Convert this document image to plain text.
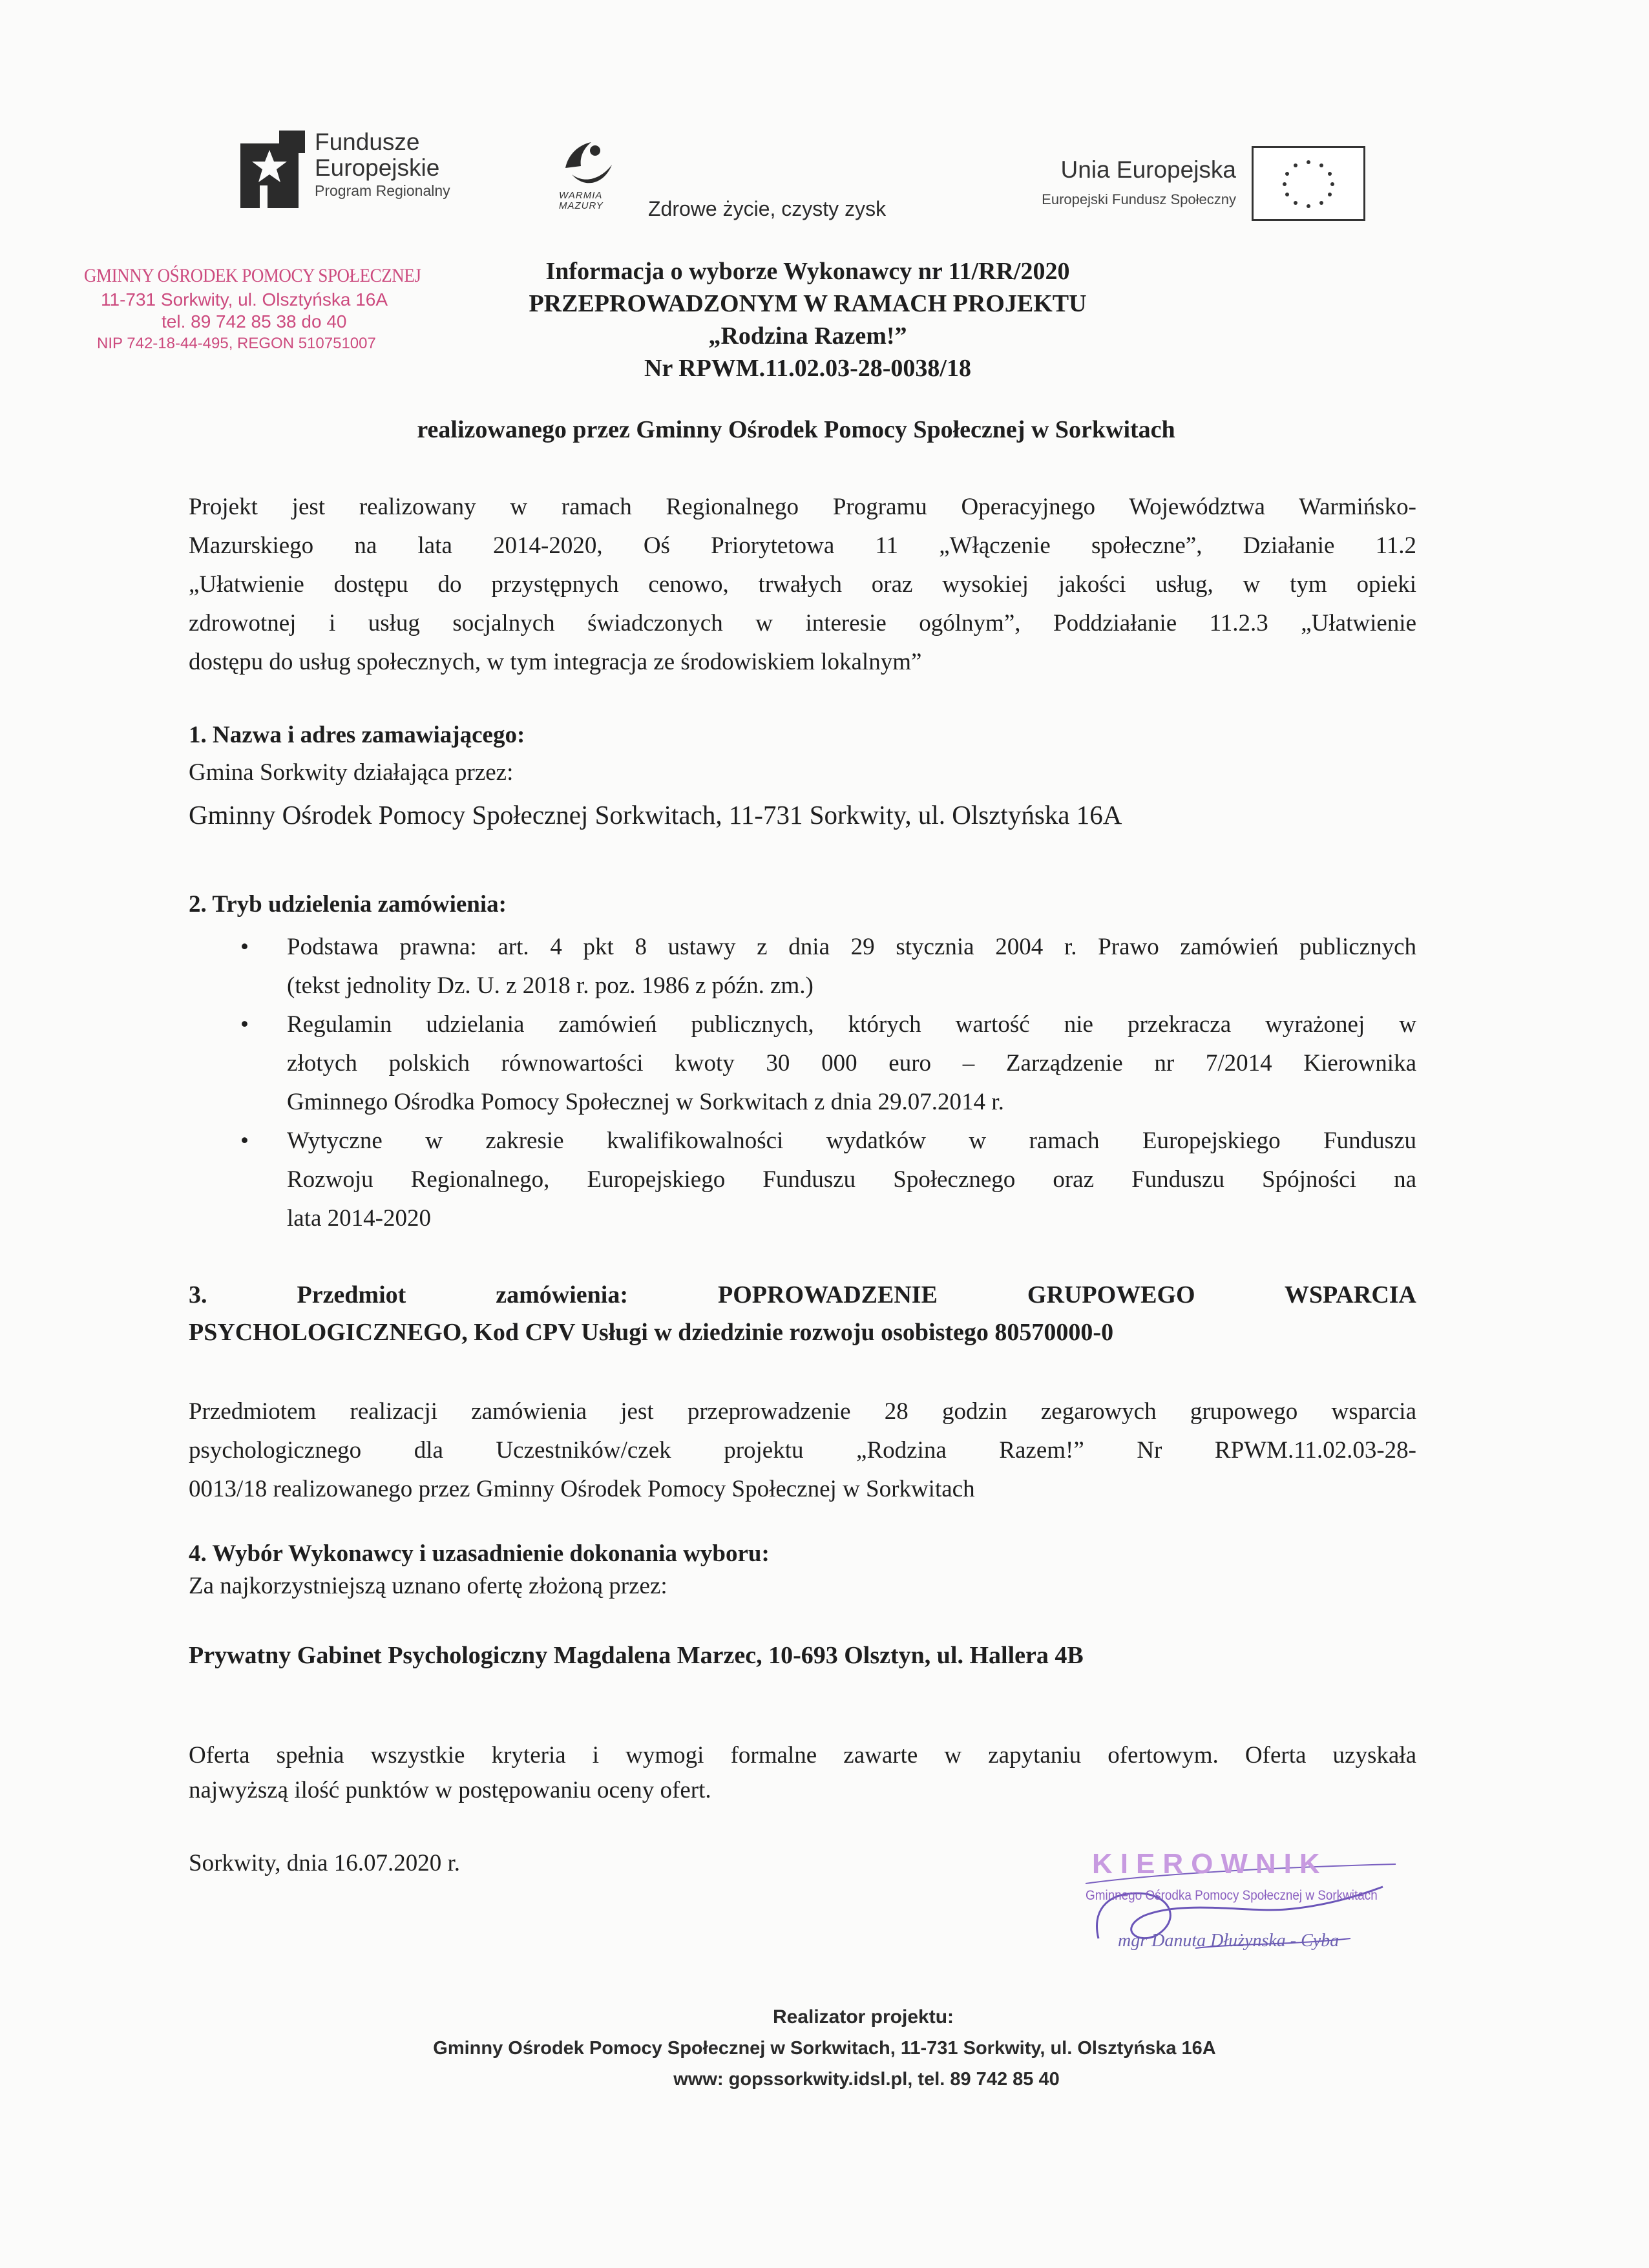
Fundusze
Europejskie
Program Regionalny	WARMIA MAZURY	Zdrowe życie, czysty zysk
Unia Europejska
Europejski Fundusz Społeczny
GMINNY OŚRODEK POMOCY SPOŁECZNEJ
11-731 Sorkwity, ul. Olsztyńska 16A
tel. 89 742 85 38 do 40
NIP 742-18-44-495, REGON 510751007
Informacja o wyborze Wykonawcy nr 11/RR/2020
PRZEPROWADZONYM W RAMACH PROJEKTU
„Rodzina Razem!”
Nr RPWM.11.02.03-28-0038/18
realizowanego przez Gminny Ośrodek Pomocy Społecznej w Sorkwitach
Projekt jest realizowany w ramach Regionalnego Programu Operacyjnego Województwa Warmińsko-
Mazurskiego na lata 2014-2020, Oś Priorytetowa 11 „Włączenie społeczne”, Działanie 11.2
„Ułatwienie dostępu do przystępnych cenowo, trwałych oraz wysokiej jakości usług, w tym opieki
zdrowotnej i usług socjalnych świadczonych w interesie ogólnym”, Poddziałanie 11.2.3 „Ułatwienie
dostępu do usług społecznych, w tym integracja ze środowiskiem lokalnym”
1. Nazwa i adres zamawiającego:
Gmina Sorkwity działająca przez:
Gminny Ośrodek Pomocy Społecznej Sorkwitach, 11-731 Sorkwity, ul. Olsztyńska 16A
2. Tryb udzielenia zamówienia:
• Podstawa prawna: art. 4 pkt 8 ustawy z dnia 29 stycznia 2004 r. Prawo zamówień publicznych
(tekst jednolity Dz. U. z 2018 r. poz. 1986 z późn. zm.)
• Regulamin udzielania zamówień publicznych, których wartość nie przekracza wyrażonej w
złotych polskich równowartości kwoty 30 000 euro – Zarządzenie nr 7/2014 Kierownika
Gminnego Ośrodka Pomocy Społecznej w Sorkwitach z dnia 29.07.2014 r.
• Wytyczne w zakresie kwalifikowalności wydatków w ramach Europejskiego Funduszu
Rozwoju Regionalnego, Europejskiego Funduszu Społecznego oraz Funduszu Spójności na
lata 2014-2020
3. Przedmiot zamówienia: POPROWADZENIE GRUPOWEGO WSPARCIA
PSYCHOLOGICZNEGO, Kod CPV Usługi w dziedzinie rozwoju osobistego 80570000-0
Przedmiotem realizacji zamówienia jest przeprowadzenie 28 godzin zegarowych grupowego wsparcia
psychologicznego dla Uczestników/czek projektu „Rodzina Razem!” Nr RPWM.11.02.03-28-
0013/18 realizowanego przez Gminny Ośrodek Pomocy Społecznej w Sorkwitach
4. Wybór Wykonawcy i uzasadnienie dokonania wyboru:
Za najkorzystniejszą uznano ofertę złożoną przez:
Prywatny Gabinet Psychologiczny Magdalena Marzec, 10-693 Olsztyn, ul. Hallera 4B
Oferta spełnia wszystkie kryteria i wymogi formalne zawarte w zapytaniu ofertowym. Oferta uzyskała
najwyższą ilość punktów w postępowaniu oceny ofert.
Sorkwity, dnia 16.07.2020 r.	KIEROWNIK
Gminnego Ośrodka Pomocy Społecznej w Sorkwitach
mgr Danuta Dłużynska - Cyba
Realizator projektu:
Gminny Ośrodek Pomocy Społecznej w Sorkwitach, 11-731 Sorkwity, ul. Olsztyńska 16A
www: gopssorkwity.idsl.pl, tel. 89 742 85 40
